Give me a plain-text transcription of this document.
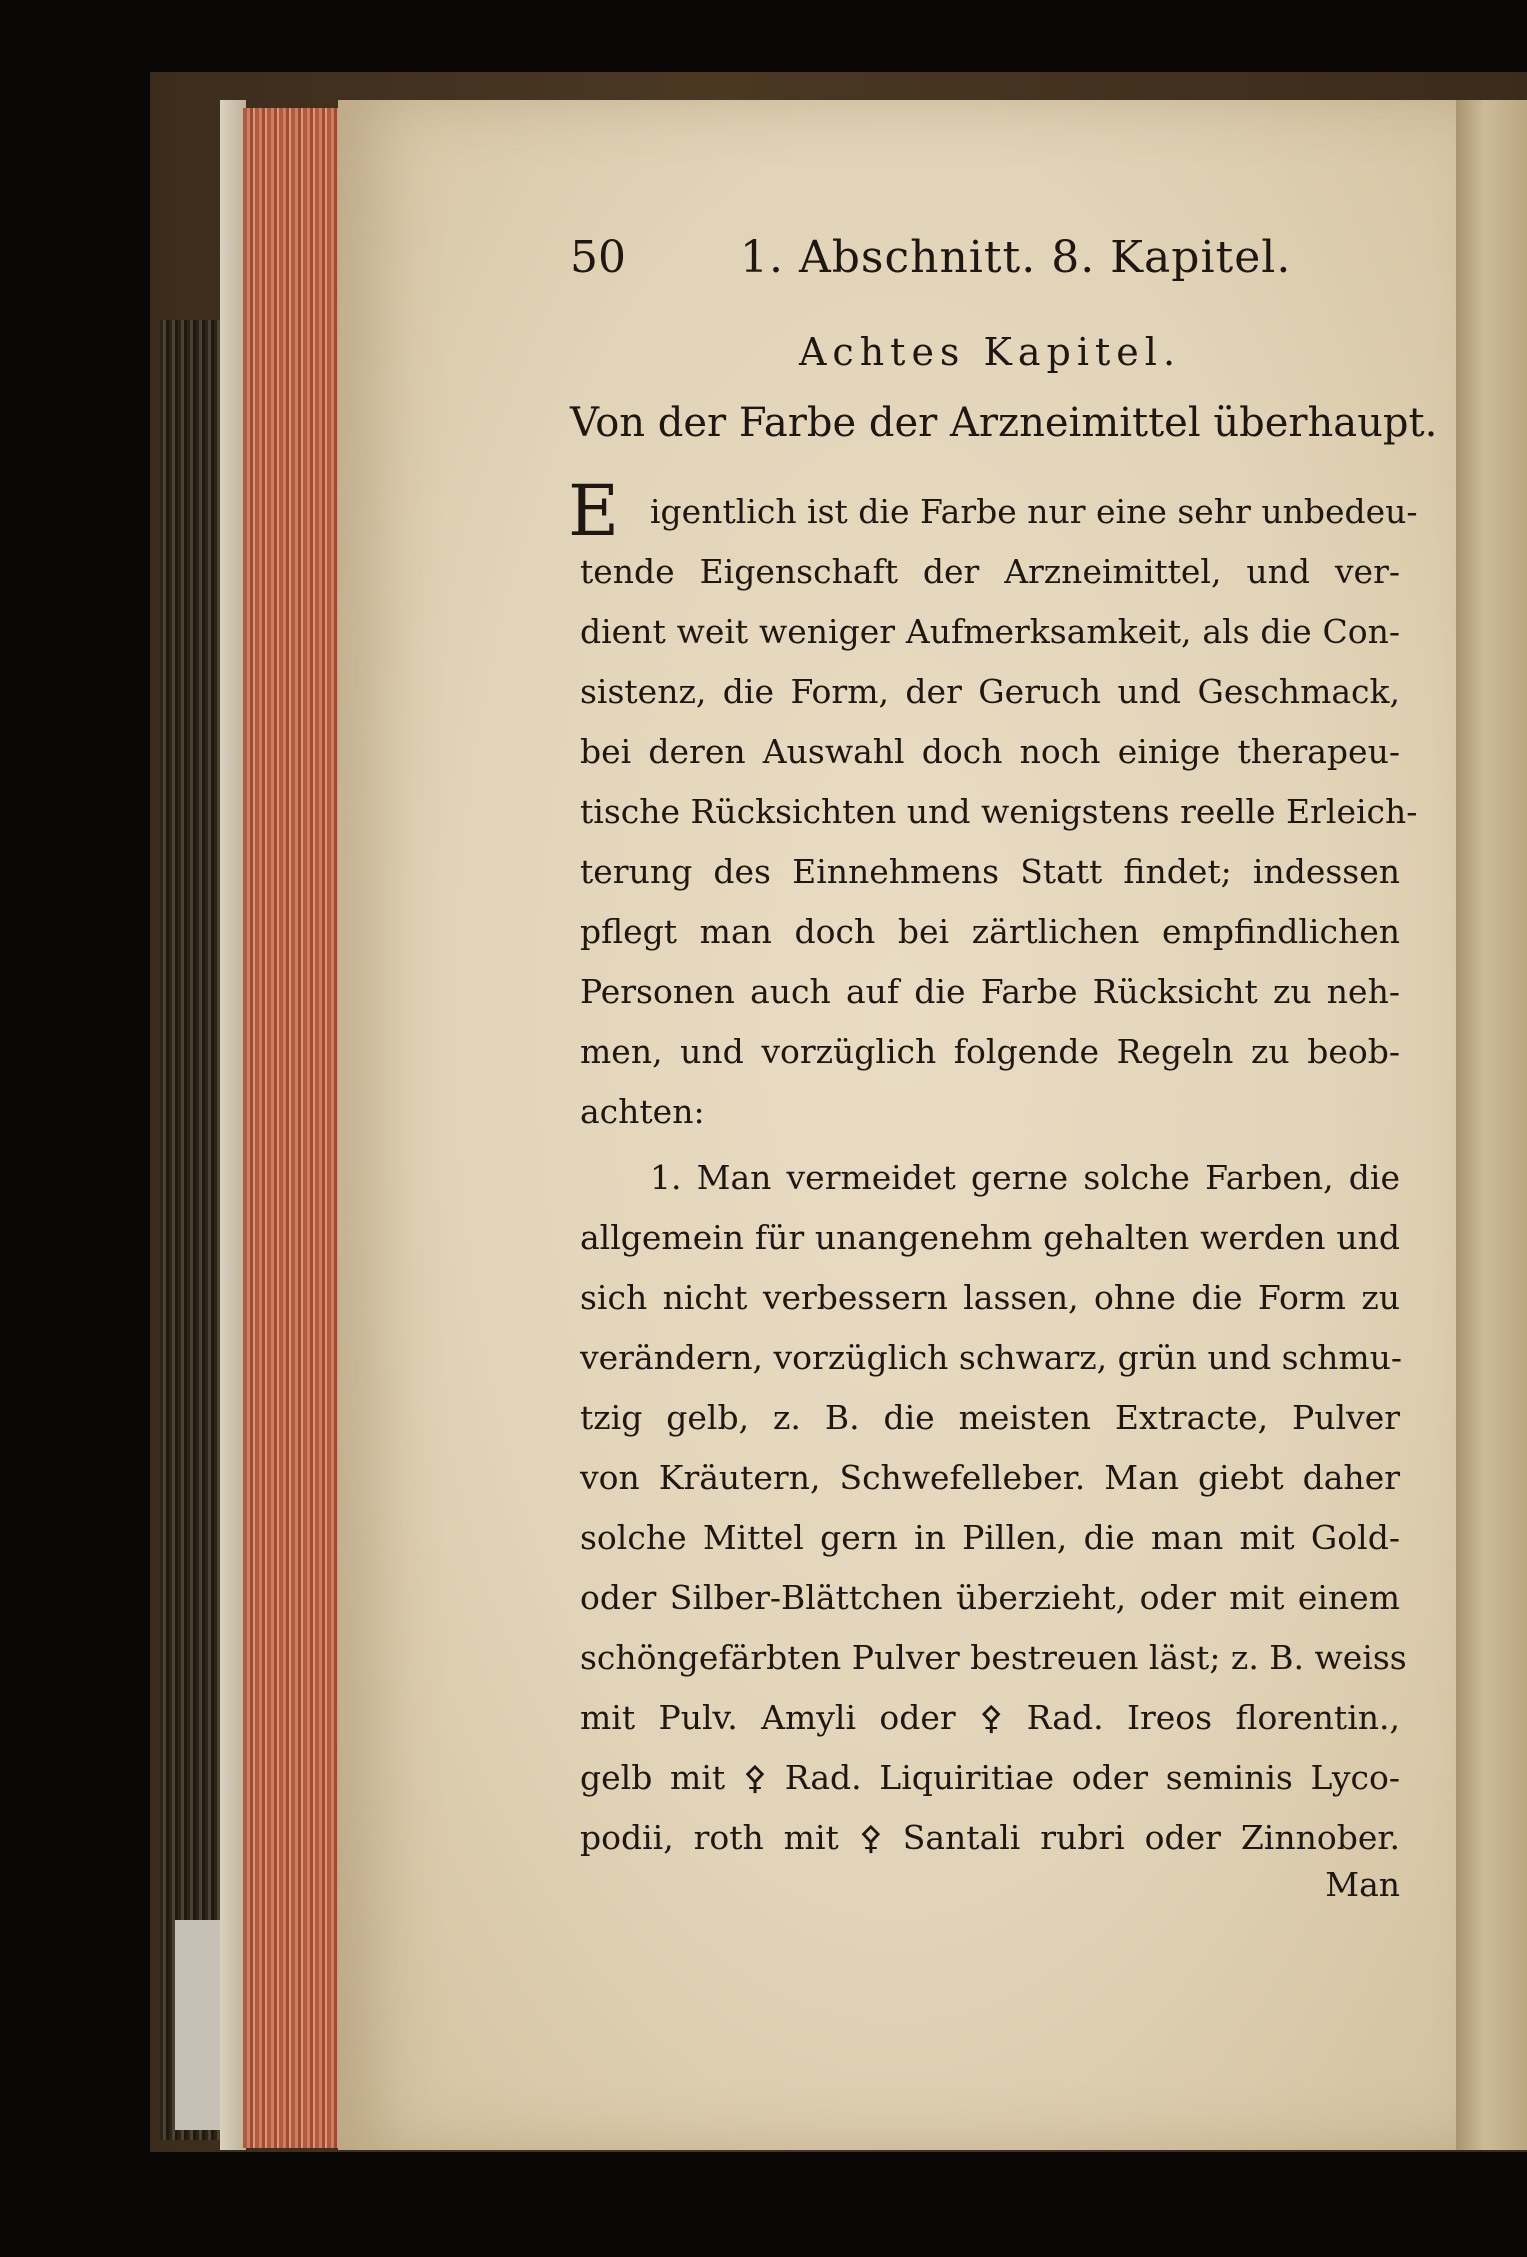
50	1. Abschnitt. 8. Kapitel.
Achtes Kapitel.
Von der Farbe der Arzneimittel überhaupt.
E igentlich ist die Farbe nur eine sehr unbedeu-
tende Eigenschaft der Arzneimittel, und ver-
dient weit weniger Aufmerksamkeit, als die Con-
sistenz, die Form, der Geruch und Geschmack,
bei deren Auswahl doch noch einige therapeu-
tische Rücksichten und wenigstens reelle Erleich-
terung des Einnehmens Statt findet; indessen
pflegt man doch bei zärtlichen empfindlichen
Personen auch auf die Farbe Rücksicht zu neh-
men, und vorzüglich folgende Regeln zu beob-
achten:
1. Man vermeidet gerne solche Farben, die
allgemein für unangenehm gehalten werden und
sich nicht verbessern lassen, ohne die Form zu
verändern, vorzüglich schwarz, grün und schmu-
tzig gelb, z. B. die meisten Extracte, Pulver
von Kräutern, Schwefelleber. Man giebt daher
solche Mittel gern in Pillen, die man mit Gold-
oder Silber-Blättchen überzieht, oder mit einem
schöngefärbten Pulver bestreuen läst; z. B. weiss
mit Pulv. Amyli oder ⚴ Rad. Ireos florentin.,
gelb mit ⚴ Rad. Liquiritiae oder seminis Lyco-
podii, roth mit ⚴ Santali rubri oder Zinnober.
Man
